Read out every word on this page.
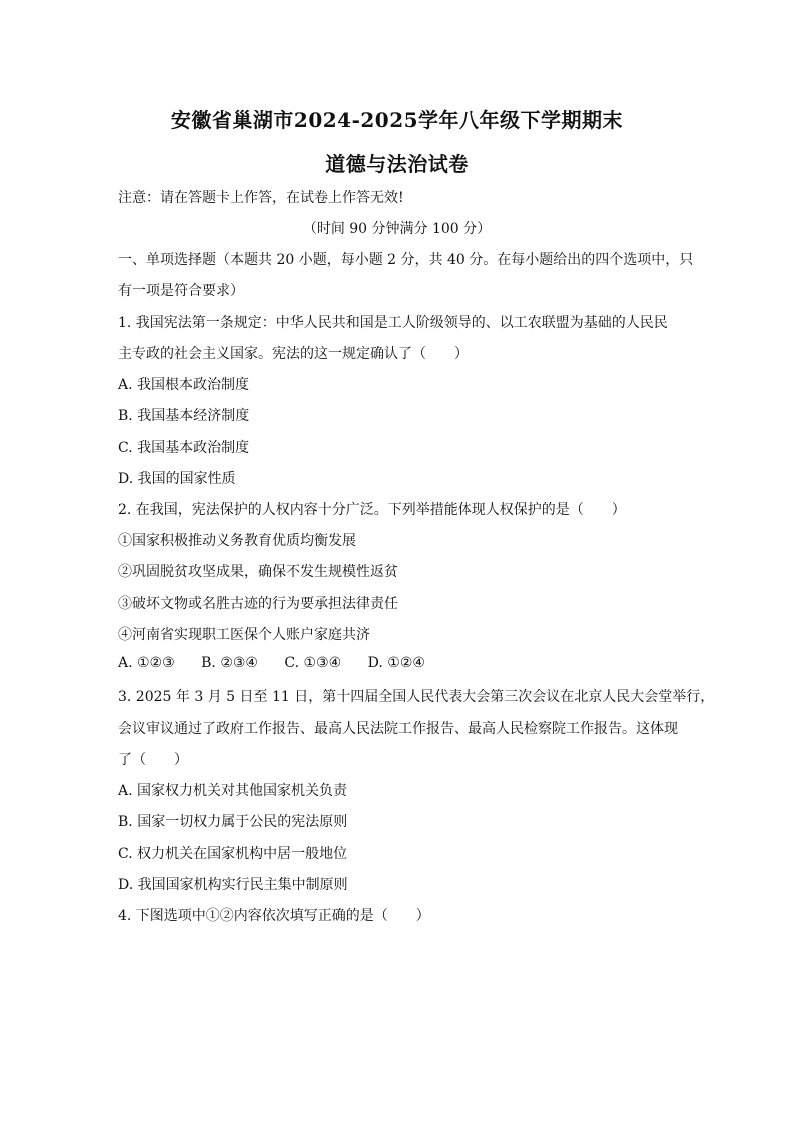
安徽省巢湖市2024-2025学年八年级下学期期末
道德与法治试卷
注意：请在答题卡上作答，在试卷上作答无效!
（时间 90 分钟满分 100 分）
一、单项选择题（本题共 20 小题，每小题 2 分，共 40 分。在每小题给出的四个选项中，只
有一项是符合要求）
1. 我国宪法第一条规定：中华人民共和国是工人阶级领导的、以工农联盟为基础的人民民
主专政的社会主义国家。宪法的这一规定确认了（　　）
A. 我国根本政治制度
B. 我国基本经济制度
C. 我国基本政治制度
D. 我国的国家性质
2. 在我国，宪法保护的人权内容十分广泛。下列举措能体现人权保护的是（　　）
①国家积极推动义务教育优质均衡发展
②巩固脱贫攻坚成果，确保不发生规模性返贫
③破坏文物或名胜古迹的行为要承担法律责任
④河南省实现职工医保个人账户家庭共济
A. ①②③ B. ②③④ C. ①③④ D. ①②④
3. 2025 年 3 月 5 日至 11 日，第十四届全国人民代表大会第三次会议在北京人民大会堂举行，
会议审议通过了政府工作报告、最高人民法院工作报告、最高人民检察院工作报告。这体现
了（　　）
A. 国家权力机关对其他国家机关负责
B. 国家一切权力属于公民的宪法原则
C. 权力机关在国家机构中居一般地位
D. 我国国家机构实行民主集中制原则
4. 下图选项中①②内容依次填写正确的是（　　）
